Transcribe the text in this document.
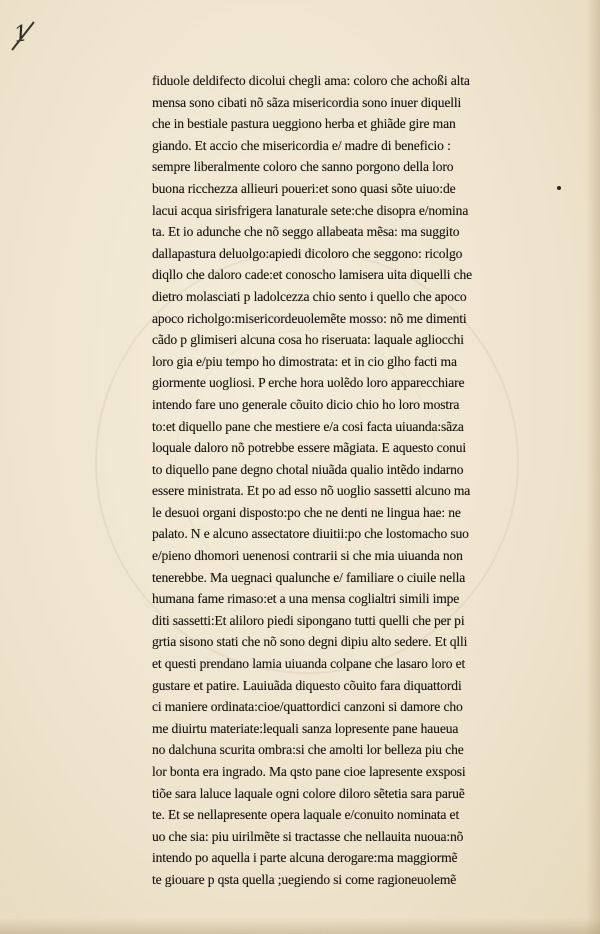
1
fiduole deldifecto dicolui chegli ama: coloro che achoßi alta
mensa sono cibati nõ sãza misericordia sono inuer diquelli
che in bestiale pastura ueggiono herba et ghiãde gire man
giando. Et accio che misericordia e/ madre di beneficio :
sempre liberalmente coloro che sanno porgono della loro
buona ricchezza allieuri poueri:et sono quasi sõte uiuo:de
lacui acqua sirisfrigera lanaturale sete:che disopra e/nomina
ta. Et io adunche che nõ seggo allabeata mẽsa: ma suggito
dallapastura deluolgo:apiedi dicoloro che seggono: ricolgo
diqllo che daloro cade:et conoscho lamisera uita diquelli che
dietro molasciati p ladolcezza chio sento i quello che apoco
apoco richolgo:misericordeuolemẽte mosso: nõ me dimenti
cãdo p glimiseri alcuna cosa ho riseruata: laquale agliocchi
loro gia e/piu tempo ho dimostrata: et in cio glho facti ma
giormente uogliosi. P erche hora uolẽdo loro apparecchiare
intendo fare uno generale cõuito dicio chio ho loro mostra
to:et diquello pane che mestiere e/a cosi facta uiuanda:sãza
loquale daloro nõ potrebbe essere mãgiata. E aquesto conui
to diquello pane degno chotal niuãda qualio intẽdo indarno
essere ministrata. Et po ad esso nõ uoglio sassetti alcuno ma
le desuoi organi dispostо:po che ne denti ne lingua hae: ne
palato. N e alcuno assectatore diuitii:po che lostomacho suo
e/pieno dhomori uenenosi contrarii si che mia uiuanda non
tenerebbe. Ma uegnaci qualunche e/ familiare o ciuile nella
humana fame rimaso:et a una mensa coglialtri simili impe
diti sassetti:Et aliloro piedi sipongano tutti quelli che per pi
grtia sisono stati che nõ sono degni dipiu alto sedere. Et qlli
et questi prendano lamia uiuanda colpane che lasaro loro et
gustare et patire. Lauiuãda diquesto cõuito fara diquattordi
ci maniere ordinata:cioe/quattordici canzoni si damore cho
me diuirtu materiate:lequali sanza lopresente pane haueua
no dalchuna scurita ombra:si che amolti lor belleza piu che
lor bonta era ingrado. Ma qsto pane cioe lapresente exsposi
tiõe sara laluce laquale ogni colore diloro sẽtetia sara paruẽ
te. Et se nellapresente opera laquale e/conuito nominata et
uo che sia: piu uirilmẽte si tractasse che nellauita nuoua:nõ
intendo po aquella i parte alcuna derogare:ma maggiormẽ
te giouare p qsta quella ;uegiendo si come ragioneuolemẽ
